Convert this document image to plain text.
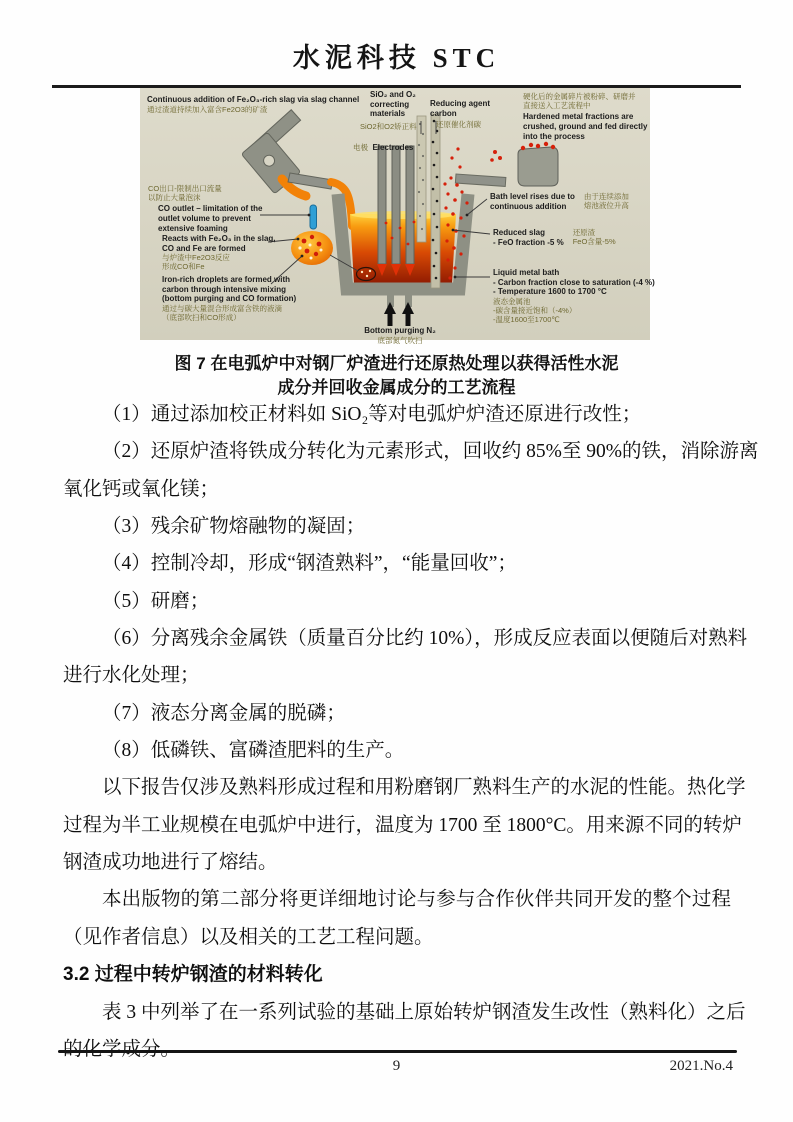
水泥科技 STC
Continuous addition of Fe₂O₃-rich slag via slag channel
通过渣道持续加入富含Fe2O3的矿渣
SiO₂ and O₂
correcting
materials
SiO2和O2矫正料
Reducing agent
carbon
还原催化剂碳
硬化后的金属碎片被粉碎、研磨并
直接送入工艺流程中
Hardened metal fractions are
crushed, ground and fed directly
into the process
电极 Electrodes
CO出口-限制出口流量
以防止大量泡沫
CO outlet – limitation of the
outlet volume to prevent
extensive foaming
Reacts with Fe₂O₃ in the slag,
CO and Fe are formed
与炉渣中Fe2O3反应
形成CO和Fe
Iron-rich droplets are formed with
carbon through intensive mixing
(bottom purging and CO formation)
通过与碳大量混合形成富含铁的液滴
（底部吹扫和CO形成）
Bath level rises due to
continuous addition
由于连续添加
熔池液位升高
Reduced slag
- FeO fraction -5 %
还原渣
FeO含量-5%
Liquid metal bath
- Carbon fraction close to saturation (-4 %)
- Temperature 1600 to 1700 °C
液态金属池
-碳含量接近饱和（-4%）
-温度1600至1700℃
Bottom purging N₂
底部氮气吹扫
图 7 在电弧炉中对钢厂炉渣进行还原热处理以获得活性水泥
成分并回收金属成分的工艺流程
（1）通过添加校正材料如 SiO₂等对电弧炉炉渣还原进行改性；
（2）还原炉渣将铁成分转化为元素形式，回收约 85%至 90%的铁，消除游离
氧化钙或氧化镁；
（3）残余矿物熔融物的凝固；
（4）控制冷却，形成“钢渣熟料”，“能量回收”；
（5）研磨；
（6）分离残余金属铁（质量百分比约 10%），形成反应表面以便随后对熟料
进行水化处理；
（7）液态分离金属的脱磷；
（8）低磷铁、富磷渣肥料的生产。
以下报告仅涉及熟料形成过程和用粉磨钢厂熟料生产的水泥的性能。热化学
过程为半工业规模在电弧炉中进行，温度为 1700 至 1800°C。用来源不同的转炉
钢渣成功地进行了熔结。
本出版物的第二部分将更详细地讨论与参与合作伙伴共同开发的整个过程
（见作者信息）以及相关的工艺工程问题。
3.2 过程中转炉钢渣的材料转化
表 3 中列举了在一系列试验的基础上原始转炉钢渣发生改性（熟料化）之后
9	2021.No.4
